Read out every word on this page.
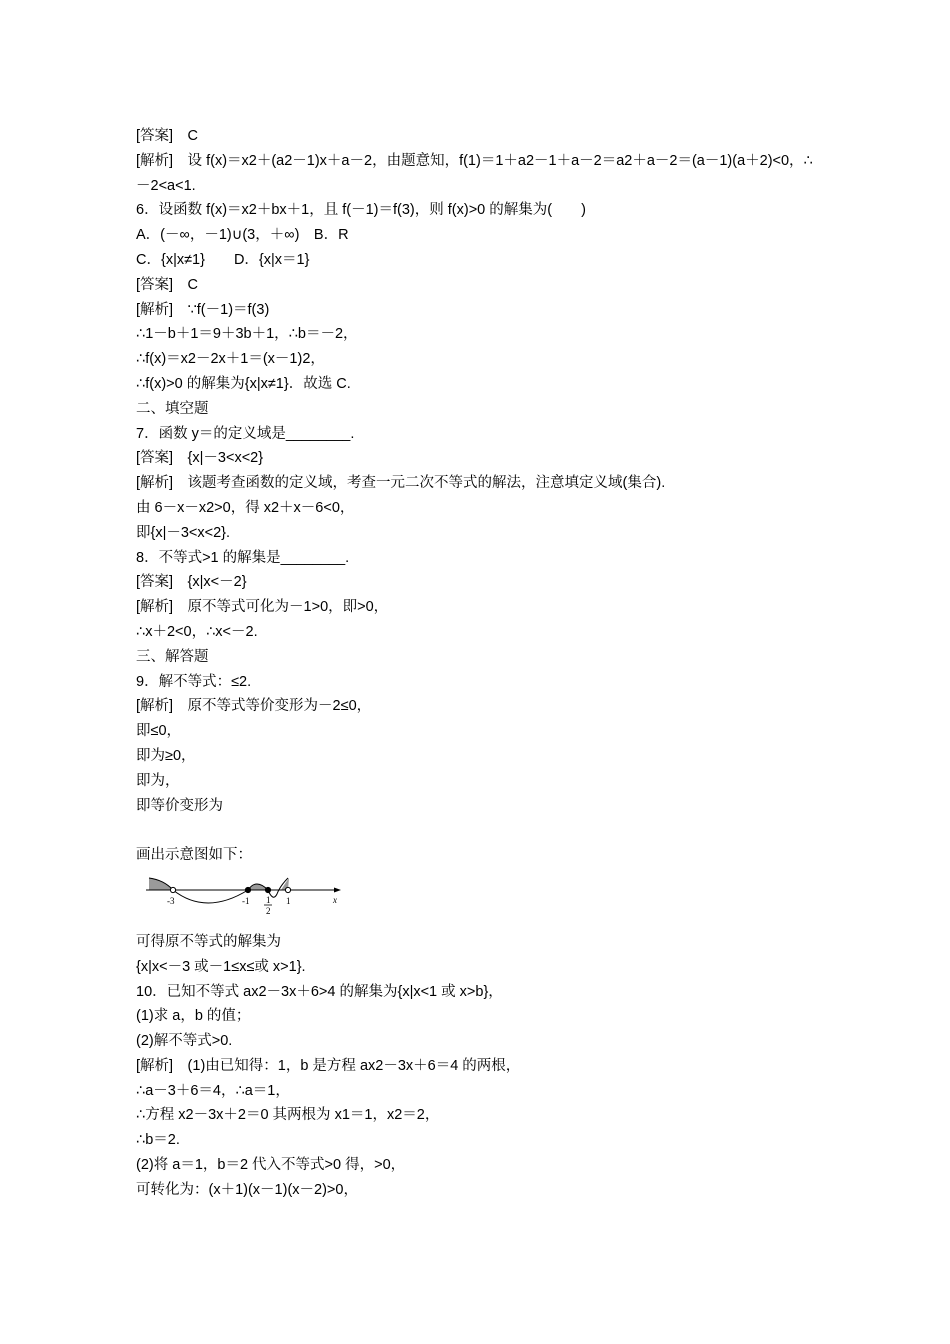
[答案]　C
[解析]　设 f(x)＝x2＋(a2－1)x＋a－2，由题意知，f(1)＝1＋a2－1＋a－2＝a2＋a－2＝(a－1)(a＋2)<0，∴－2<a<1.
6．设函数 f(x)＝x2＋bx＋1，且 f(－1)＝f(3)，则 f(x)>0 的解集为(　　)
A．(－∞，－1)∪(3，＋∞)　B．R
C．{x|x≠1}　　D．{x|x＝1}
[答案]　C
[解析]　∵f(－1)＝f(3)
∴1－b＋1＝9＋3b＋1，∴b＝－2，
∴f(x)＝x2－2x＋1＝(x－1)2，
∴f(x)>0 的解集为{x|x≠1}．故选 C.
二、填空题
7．函数 y＝的定义域是________.
[答案]　{x|－3<x<2}
[解析]　该题考查函数的定义域，考查一元二次不等式的解法，注意填定义域(集合).
由 6－x－x2>0，得 x2＋x－6<0，
即{x|－3<x<2}.
8．不等式>1 的解集是________.
[答案]　{x|x<－2}
[解析]　原不等式可化为－1>0，即>0，
∴x＋2<0，∴x<－2.
三、解答题
9．解不等式：≤2.
[解析]　原不等式等价变形为－2≤0，
即≤0，
即为≥0，
即为，
即等价变形为
画出示意图如下：
-3	-1 1
2
1	x
可得原不等式的解集为
{x|x<－3 或－1≤x≤或 x>1}.
10．已知不等式 ax2－3x＋6>4 的解集为{x|x<1 或 x>b}，
(1)求 a，b 的值；
(2)解不等式>0.
[解析]　(1)由已知得：1，b 是方程 ax2－3x＋6＝4 的两根，
∴a－3＋6＝4，∴a＝1，
∴方程 x2－3x＋2＝0 其两根为 x1＝1，x2＝2，
∴b＝2.
(2)将 a＝1，b＝2 代入不等式>0 得，>0，
可转化为：(x＋1)(x－1)(x－2)>0，
